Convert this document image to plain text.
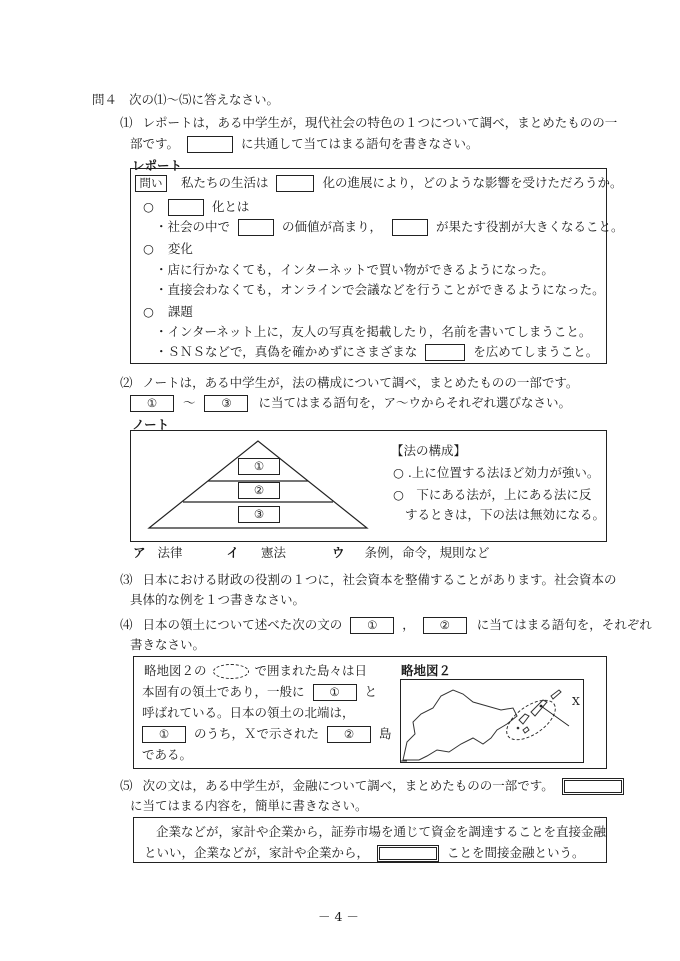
問４ 次の⑴～⑸に答えなさい。
⑴ レポートは，ある中学生が，現代社会の特色の１つについて調べ，まとめたものの一
部です。	に共通して当てはまる語句を書きなさい。
レポート
問い 私たちの生活は	化の進展により，どのような影響を受けただろうか。
○	化とは
・社会の中で	の価値が高まり，	が果たす役割が大きくなること。
○ 変化
・店に行かなくても，インターネットで買い物ができるようになった。
・直接会わなくても，オンラインで会議などを行うことができるようになった。
○ 課題
・インターネット上に，友人の写真を掲載したり，名前を書いてしまうこと。
・ＳＮＳなどで，真偽を確かめずにさまざまな	を広めてしまうこと。
⑵ ノートは，ある中学生が，法の構成について調べ，まとめたものの一部です。
① ～ ③ に当てはまる語句を，ア～ウからそれぞれ選びなさい。
ノート
①
②
③
【法の構成】
○ .上に位置する法ほど効力が強い。
○　下にある法が，上にある法に反
するときは，下の法は無効になる。
ア 法律	イ 憲法	ウ 条例，命令，規則など
⑶ 日本における財政の役割の１つに，社会資本を整備することがあります。社会資本の
具体的な例を１つ書きなさい。
⑷ 日本の領土について述べた次の文の ① ， ② に当てはまる語句を，それぞれ
書きなさい。
略地図２の	で囲まれた島々は日
本固有の領土であり，一般に ① と
呼ばれている。日本の領土の北端は，
① のうち，Ｘで示された ② 島
である。
略地図２
X
⑸ 次の文は，ある中学生が，金融について調べ，まとめたものの一部です。
に当てはまる内容を，簡単に書きなさい。
企業などが，家計や企業から，証券市場を通じて資金を調達することを直接金融
といい，企業などが，家計や企業から，	ことを間接金融という。
－ 4 －
